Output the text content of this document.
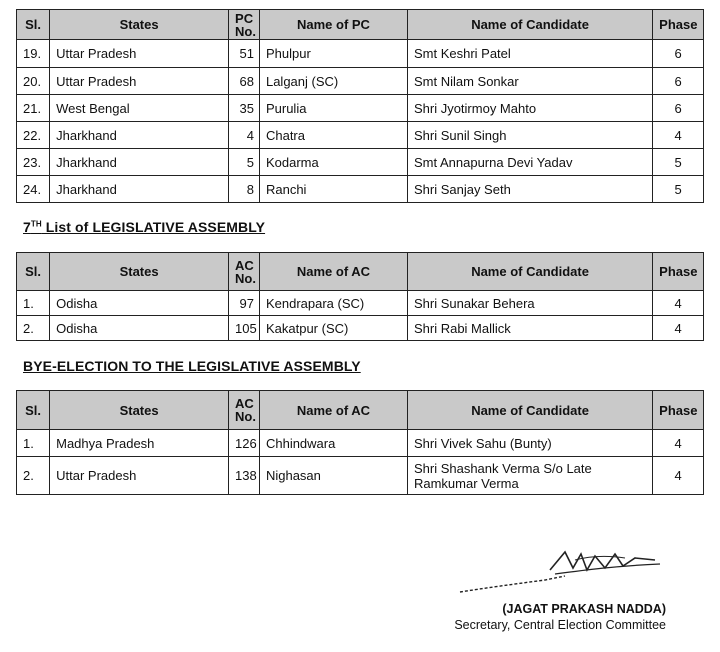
Sl.	States	PC No.	Name of PC	Name of Candidate	Phase
19.	Uttar Pradesh	51	Phulpur	Smt Keshri Patel	6
20.	Uttar Pradesh	68	Lalganj (SC)	Smt Nilam Sonkar	6
21.	West Bengal	35	Purulia	Shri Jyotirmoy Mahto	6
22.	Jharkhand	4	Chatra	Shri Sunil Singh	4
23.	Jharkhand	5	Kodarma	Smt Annapurna Devi Yadav	5
24.	Jharkhand	8	Ranchi	Shri Sanjay Seth	5
7TH List of LEGISLATIVE ASSEMBLY
Sl.	States	AC No.	Name of AC	Name of Candidate	Phase
1.	Odisha	97	Kendrapara (SC)	Shri Sunakar Behera	4
2.	Odisha	105	Kakatpur (SC)	Shri Rabi Mallick	4
BYE-ELECTION TO THE LEGISLATIVE ASSEMBLY
Sl.	States	AC No.	Name of AC	Name of Candidate	Phase
1.	Madhya Pradesh	126	Chhindwara	Shri Vivek Sahu (Bunty)	4
2.	Uttar Pradesh	138	Nighasan	Shri Shashank Verma S/o Late Ramkumar Verma	4
(JAGAT PRAKASH NADDA)
Secretary, Central Election Committee
